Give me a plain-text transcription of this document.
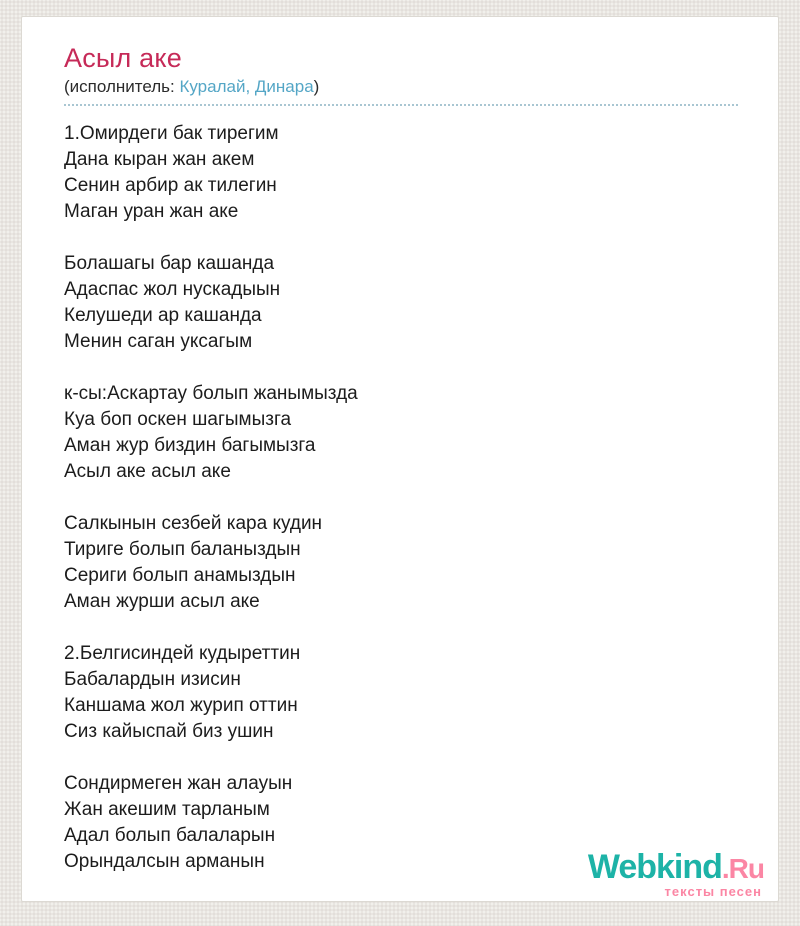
Асыл аке
(исполнитель: Куралай, Динара)

1.Омирдеги бак тирегим
Дана кыран жан акем
Сенин арбир ак тилегин
Маган уран жан аке

Болашагы бар кашанда
Адаспас жол нускадыын
Келушеди ар кашанда
Менин саган уксагым

к-сы:Аскартау болып жанымызда
Куа боп оскен шагымызга
Аман жур биздин багымызга
Асыл аке асыл аке

Салкынын сезбей кара кудин
Тириге болып баланыздын
Сериги болып анамыздын
Аман журши асыл аке

2.Белгисиндей кудыреттин
Бабалардын изисин
Каншама жол журип оттин
Сиз кайыспай биз ушин

Сондирмеген жан алауын
Жан акешим тарланым
Адал болып балаларын
Орындалсын арманын	Webkind.Ru
тексты песен
